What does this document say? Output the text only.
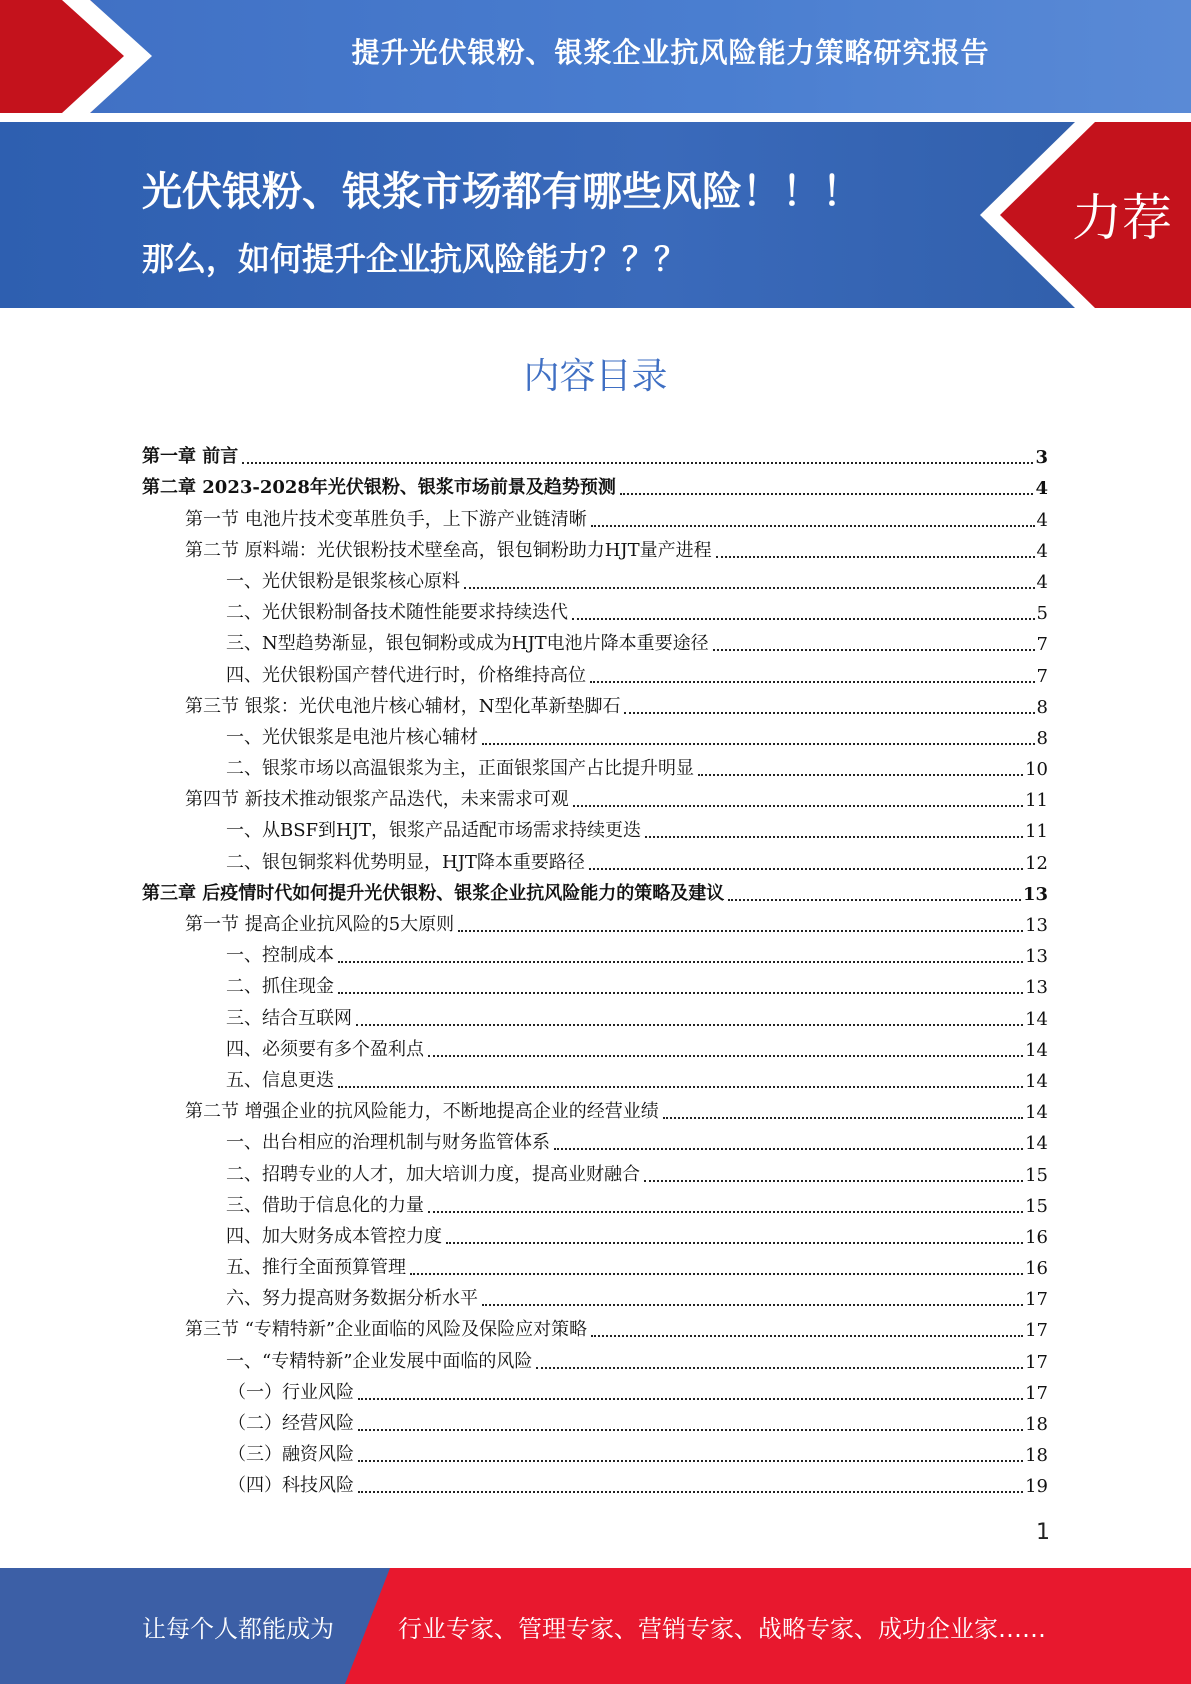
提升光伏银粉、银浆企业抗风险能力策略研究报告
光伏银粉、银浆市场都有哪些风险！！！
那么，如何提升企业抗风险能力？？？
力荐
内容目录
第一章 前言	3
第二章 2023-2028年光伏银粉、银浆市场前景及趋势预测	4
第一节 电池片技术变革胜负手，上下游产业链清晰	4
第二节 原料端：光伏银粉技术壁垒高，银包铜粉助力HJT量产进程	4
一、光伏银粉是银浆核心原料	4
二、光伏银粉制备技术随性能要求持续迭代	5
三、N型趋势渐显，银包铜粉或成为HJT电池片降本重要途径	7
四、光伏银粉国产替代进行时，价格维持高位	7
第三节 银浆：光伏电池片核心辅材，N型化革新垫脚石	8
一、光伏银浆是电池片核心辅材	8
二、银浆市场以高温银浆为主，正面银浆国产占比提升明显	10
第四节 新技术推动银浆产品迭代，未来需求可观	11
一、从BSF到HJT，银浆产品适配市场需求持续更迭	11
二、银包铜浆料优势明显，HJT降本重要路径	12
第三章 后疫情时代如何提升光伏银粉、银浆企业抗风险能力的策略及建议	13
第一节 提高企业抗风险的5大原则	13
一、控制成本	13
二、抓住现金	13
三、结合互联网	14
四、必须要有多个盈利点	14
五、信息更迭	14
第二节 增强企业的抗风险能力，不断地提高企业的经营业绩	14
一、出台相应的治理机制与财务监管体系	14
二、招聘专业的人才，加大培训力度，提高业财融合	15
三、借助于信息化的力量	15
四、加大财务成本管控力度	16
五、推行全面预算管理	16
六、努力提高财务数据分析水平	17
第三节 “专精特新”企业面临的风险及保险应对策略	17
一、“专精特新”企业发展中面临的风险	17
（一）行业风险	17
（二）经营风险	18
（三）融资风险	18
（四）科技风险	19
1
让每个人都能成为	行业专家、管理专家、营销专家、战略专家、成功企业家……
